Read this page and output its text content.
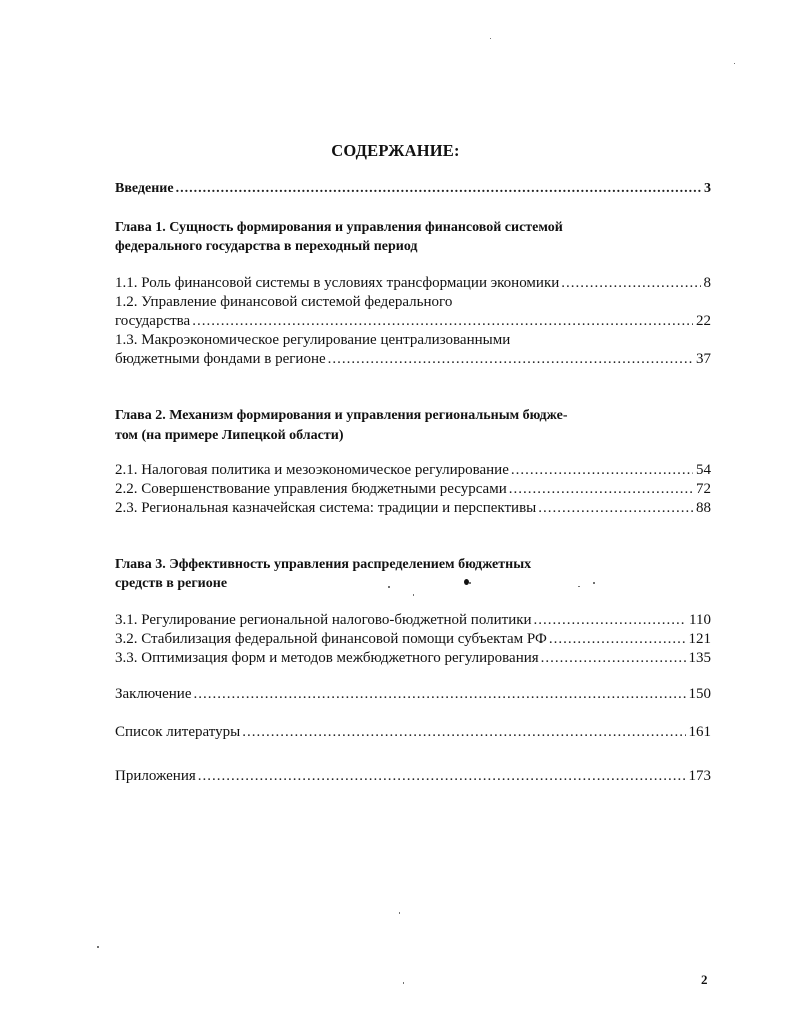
СОДЕРЖАНИЕ:
Введение .....	3
Глава 1. Сущность формирования и управления финансовой системой
федерального государства в переходный период
1.1. Роль финансовой системы в условиях трансформации экономики .....	8
1.2. Управление финансовой системой федерального
государства .....	22
1.3. Макроэкономическое регулирование централизованными
бюджетными фондами в регионе .....	37
Глава 2. Механизм формирования и управления региональным бюдже-
том (на примере Липецкой области)
2.1. Налоговая политика и мезоэкономическое регулирование .....	54
2.2. Совершенствование управления бюджетными ресурсами .....	72
2.3. Региональная казначейская система: традиции и перспективы .....	88
Глава 3. Эффективность управления распределением бюджетных
средств в регионе
3.1. Регулирование региональной налогово-бюджетной политики .....	110
3.2. Стабилизация федеральной финансовой помощи субъектам РФ .....	121
3.3. Оптимизация форм и методов межбюджетного регулирования .....	135
Заключение .....	150
Список литературы .....	161
Приложения .....	173
2
